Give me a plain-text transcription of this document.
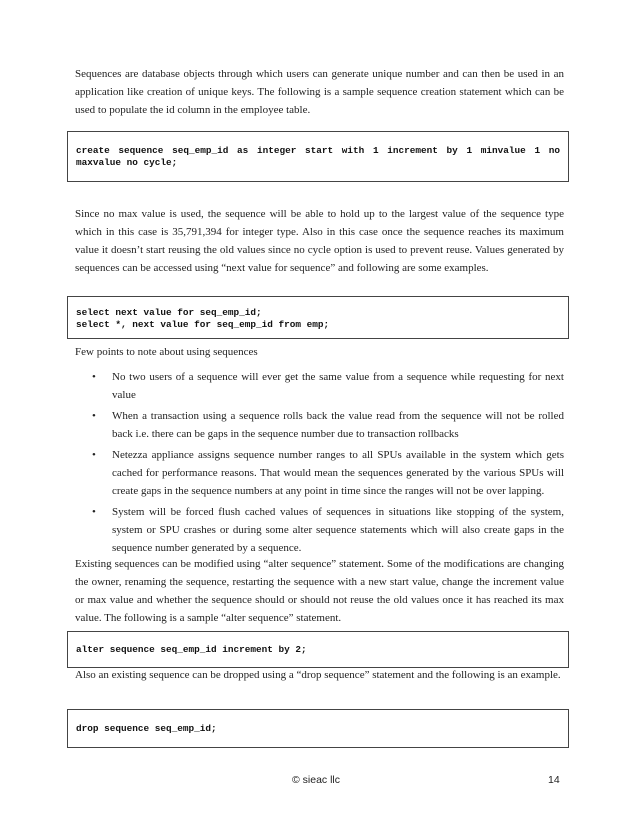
Sequences are database objects through which users can generate unique number and can then be used in an application like creation of unique keys. The following is a sample sequence creation statement which can be used to populate the id column in the employee table.

create sequence seq_emp_id as integer start with 1 increment by 1 minvalue 1 no
maxvalue no cycle;

Since no max value is used, the sequence will be able to hold up to the largest value of the sequence type which in this case is 35,791,394 for integer type. Also in this case once the sequence reaches its maximum value it doesn’t start reusing the old values since no cycle option is used to prevent reuse. Values generated by sequences can be accessed using “next value for sequence” and following are some examples.

select next value for seq_emp_id;
select *, next value for seq_emp_id from emp;

Few points to note about using sequences

• No two users of a sequence will ever get the same value from a sequence while requesting for next value
• When a transaction using a sequence rolls back the value read from the sequence will not be rolled back i.e. there can be gaps in the sequence number due to transaction rollbacks
• Netezza appliance assigns sequence number ranges to all SPUs available in the system which gets cached for performance reasons. That would mean the sequences generated by the various SPUs will create gaps in the sequence numbers at any point in time since the ranges will not be over lapping.
• System will be forced flush cached values of sequences in situations like stopping of the system, system or SPU crashes or during some alter sequence statements which will also create gaps in the sequence number generated by a sequence.

Existing sequences can be modified using “alter sequence” statement. Some of the modifications are changing the owner, renaming the sequence, restarting the sequence with a new start value, change the increment value or max value and whether the sequence should or should not reuse the old values once it has reached its max value. The following is a sample “alter sequence” statement.

alter sequence seq_emp_id increment by 2;

Also an existing sequence can be dropped using a “drop sequence” statement and the following is an example.

drop sequence seq_emp_id;
© sieac llc	14
